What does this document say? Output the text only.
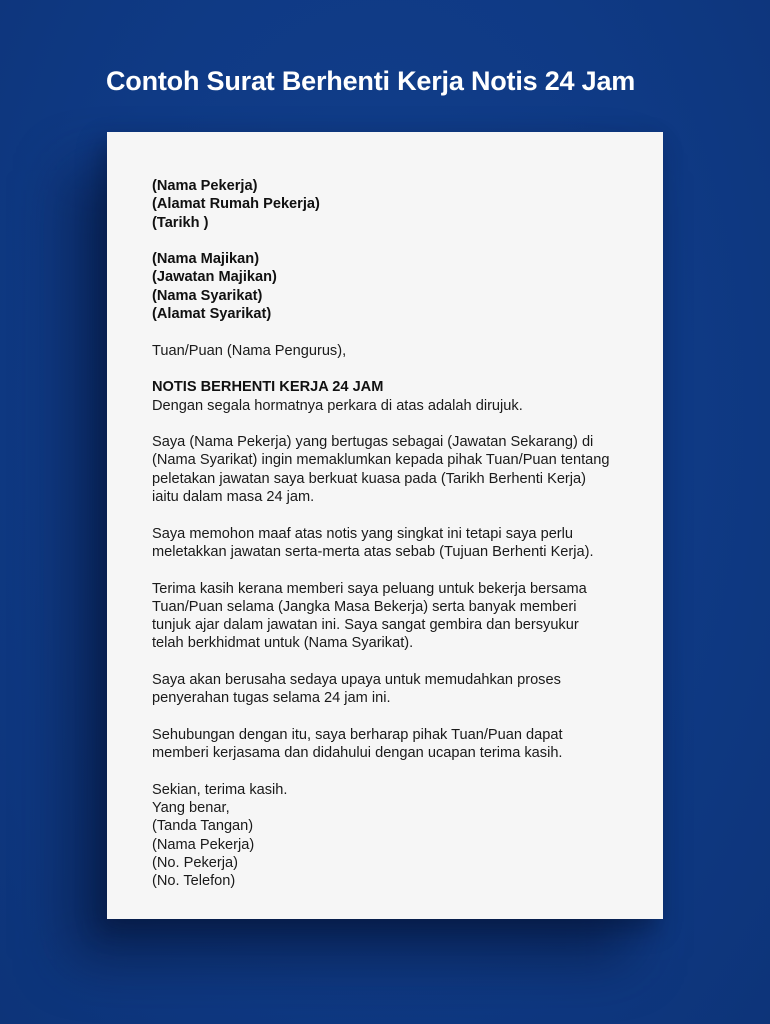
Contoh Surat Berhenti Kerja Notis 24 Jam
(Nama Pekerja)
(Alamat Rumah Pekerja)
(Tarikh )
(Nama Majikan)
(Jawatan Majikan)
(Nama Syarikat)
(Alamat Syarikat)
Tuan/Puan (Nama Pengurus),
NOTIS BERHENTI KERJA 24 JAM
Dengan segala hormatnya perkara di atas adalah dirujuk.
Saya (Nama Pekerja) yang bertugas sebagai (Jawatan Sekarang) di
(Nama Syarikat) ingin memaklumkan kepada pihak Tuan/Puan tentang
peletakan jawatan saya berkuat kuasa pada (Tarikh Berhenti Kerja)
iaitu dalam masa 24 jam.
Saya memohon maaf atas notis yang singkat ini tetapi saya perlu
meletakkan jawatan serta-merta atas sebab (Tujuan Berhenti Kerja).
Terima kasih kerana memberi saya peluang untuk bekerja bersama
Tuan/Puan selama (Jangka Masa Bekerja) serta banyak memberi
tunjuk ajar dalam jawatan ini. Saya sangat gembira dan bersyukur
telah berkhidmat untuk (Nama Syarikat).
Saya akan berusaha sedaya upaya untuk memudahkan proses
penyerahan tugas selama 24 jam ini.
Sehubungan dengan itu, saya berharap pihak Tuan/Puan dapat
memberi kerjasama dan didahului dengan ucapan terima kasih.
Sekian, terima kasih.
Yang benar,
(Tanda Tangan)
(Nama Pekerja)
(No. Pekerja)
(No. Telefon)
